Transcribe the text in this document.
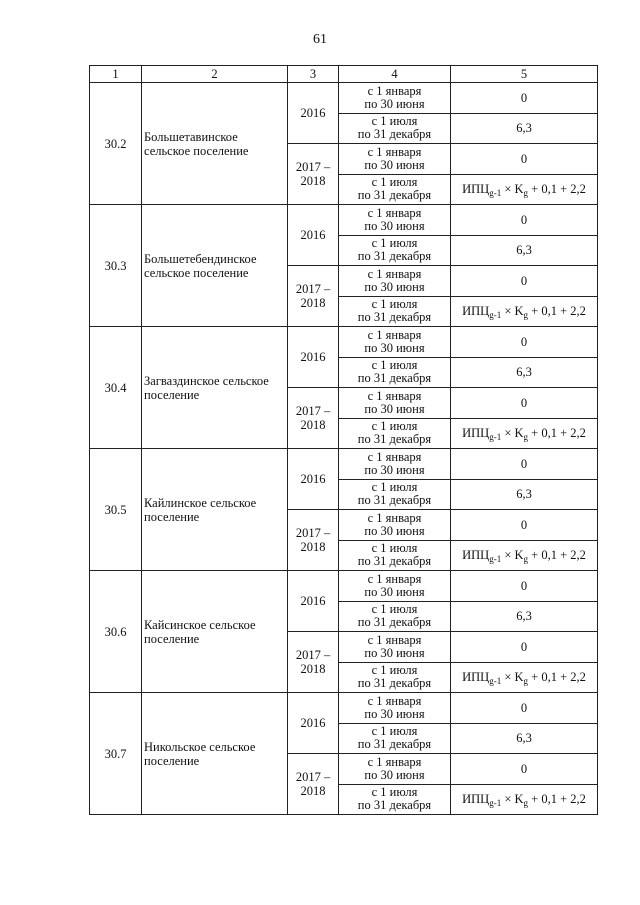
61
1	2	3	4	5
30.2	Большетавинское сельское поселение	2016	с 1 января
по 30 июня	0
			с 1 июля
по 31 декабря	6,3
		2017 –
2018	с 1 января
по 30 июня	0
			с 1 июля
по 31 декабря	$ИПЦ_{g-1} \times K_g + 0,1 + 2,2$
30.3	Большетебендинское сельское поселение	2016	с 1 января
по 30 июня	0
			с 1 июля
по 31 декабря	6,3
		2017 –
2018	с 1 января
по 30 июня	0
			с 1 июля
по 31 декабря	$ИПЦ_{g-1} \times K_g + 0,1 + 2,2$
30.4	Загваздинское сельское поселение	2016	с 1 января
по 30 июня	0
			с 1 июля
по 31 декабря	6,3
		2017 –
2018	с 1 января
по 30 июня	0
			с 1 июля
по 31 декабря	$ИПЦ_{g-1} \times K_g + 0,1 + 2,2$
30.5	Кайлинское сельское поселение	2016	с 1 января
по 30 июня	0
			с 1 июля
по 31 декабря	6,3
		2017 –
2018	с 1 января
по 30 июня	0
			с 1 июля
по 31 декабря	$ИПЦ_{g-1} \times K_g + 0,1 + 2,2$
30.6	Кайсинское сельское поселение	2016	с 1 января
по 30 июня	0
			с 1 июля
по 31 декабря	6,3
		2017 –
2018	с 1 января
по 30 июня	0
			с 1 июля
по 31 декабря	$ИПЦ_{g-1} \times K_g + 0,1 + 2,2$
30.7	Никольское сельское поселение	2016	с 1 января
по 30 июня	0
			с 1 июля
по 31 декабря	6,3
		2017 –
2018	с 1 января
по 30 июня	0
			с 1 июля
по 31 декабря	$ИПЦ_{g-1} \times K_g + 0,1 + 2,2$
